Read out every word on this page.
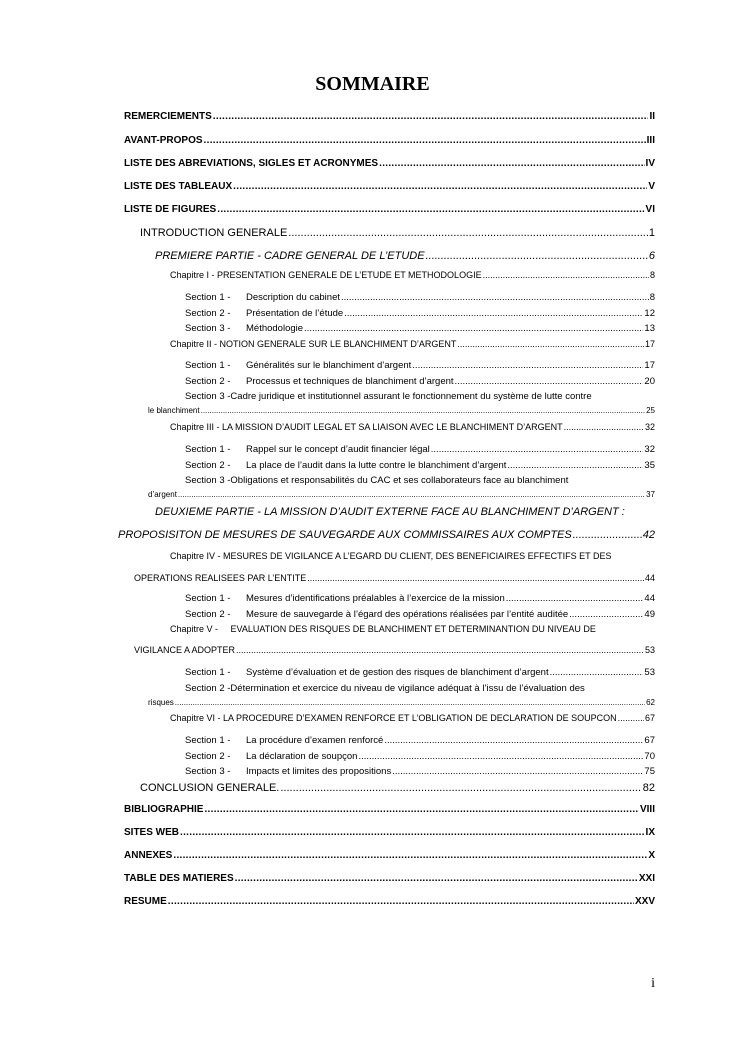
SOMMAIRE
REMERCIEMENTS .....	II
AVANT-PROPOS .....	III
LISTE DES ABREVIATIONS, SIGLES ET ACRONYMES .....	IV
LISTE DES TABLEAUX .....	V
LISTE DE FIGURES .....	VI
INTRODUCTION GENERALE .....	1
PREMIERE PARTIE - CADRE GENERAL DE L’ETUDE .....	6
Chapitre I - PRESENTATION GENERALE DE L’ETUDE ET METHODOLOGIE .....	8
Section 1 -	Description du cabinet .....	8
Section 2 -	Présentation de l’étude .....	12
Section 3 -	Méthodologie .....	13
Chapitre II - NOTION GENERALE SUR LE BLANCHIMENT D’ARGENT .....	17
Section 1 -	Généralités sur le blanchiment d’argent .....	17
Section 2 -	Processus et techniques de blanchiment d’argent .....	20
Section 3 -Cadre juridique et institutionnel assurant le fonctionnement du système de lutte contre
le blanchiment .....	25
Chapitre III - LA MISSION D’AUDIT LEGAL ET SA LIAISON AVEC LE BLANCHIMENT D’ARGENT .....	32
Section 1 -	Rappel sur le concept d’audit financier légal .....	32
Section 2 -	La place de l’audit dans la lutte contre le blanchiment d’argent .....	35
Section 3 -Obligations et responsabilités du CAC et ses collaborateurs face au blanchiment
d’argent .....	37
DEUXIEME PARTIE - LA MISSION D’AUDIT EXTERNE FACE AU BLANCHIMENT D’ARGENT :
PROPOSISITON DE MESURES DE SAUVEGARDE AUX COMMISSAIRES AUX COMPTES .....	42
Chapitre IV - MESURES DE VIGILANCE A L’EGARD DU CLIENT, DES BENEFICIAIRES EFFECTIFS ET DES
OPERATIONS REALISEES PAR L’ENTITE .....	44
Section 1 -	Mesures d’identifications préalables à l’exercice de la mission .....	44
Section 2 -	Mesure de sauvegarde à l’égard des opérations réalisées par l’entité auditée .....	49
Chapitre V -     EVALUATION DES RISQUES DE BLANCHIMENT ET DETERMINANTION DU NIVEAU DE
VIGILANCE A ADOPTER .....	53
Section 1 -	Système d’évaluation et de gestion des risques de blanchiment d’argent .....	53
Section 2 -Détermination et exercice du niveau de vigilance adéquat à l’issu de l’évaluation des
risques .....	62
Chapitre VI - LA PROCEDURE D’EXAMEN RENFORCE ET L’OBLIGATION DE DECLARATION DE SOUPCON .....	67
Section 1 -	La procédure d’examen renforcé .....	67
Section 2 -	La déclaration de soupçon .....	70
Section 3 -	Impacts et limites des propositions .....	75
CONCLUSION GENERALE. .....	82
BIBLIOGRAPHIE .....	VIII
SITES WEB .....	IX
ANNEXES .....	X
TABLE DES MATIERES .....	XXI
RESUME .....	XXV
i
